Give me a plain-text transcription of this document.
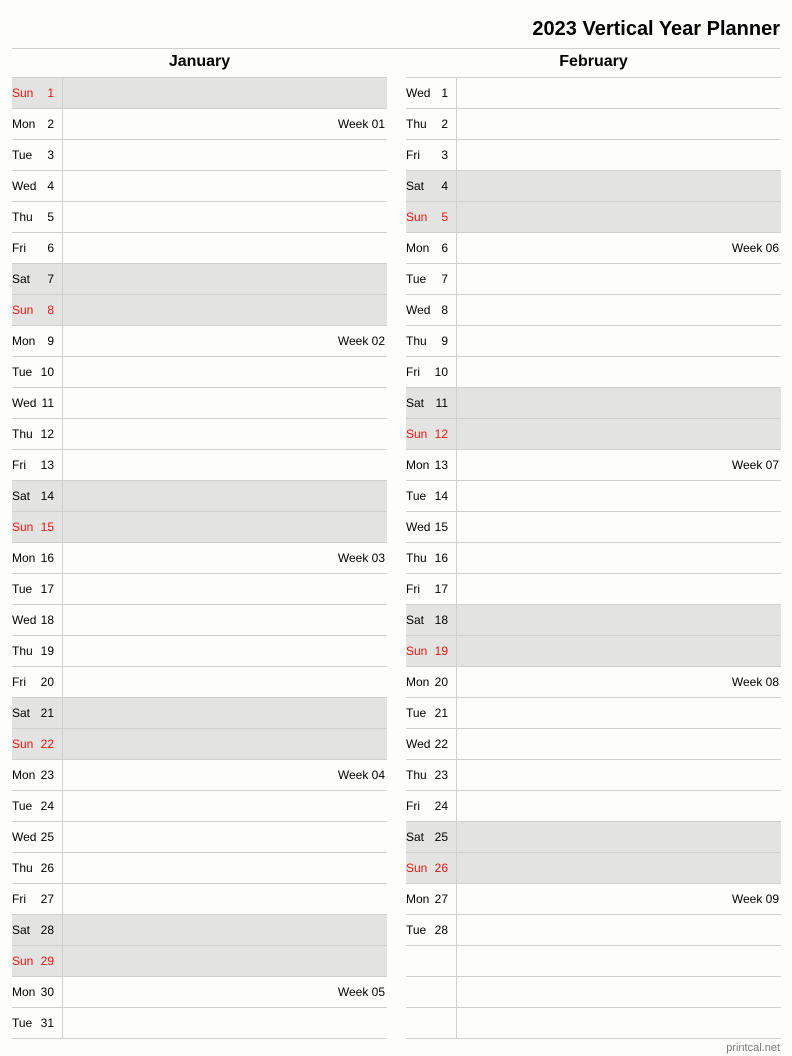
2023 Vertical Year Planner
January
Sun 1
Mon 2	Week 01
Tue 3
Wed 4
Thu 5
Fri 6
Sat 7
Sun 8
Mon 9	Week 02
Tue 10
Wed 11
Thu 12
Fri 13
Sat 14
Sun 15
Mon 16	Week 03
Tue 17
Wed 18
Thu 19
Fri 20
Sat 21
Sun 22
Mon 23	Week 04
Tue 24
Wed 25
Thu 26
Fri 27
Sat 28
Sun 29
Mon 30	Week 05
Tue 31
February
Wed 1
Thu 2
Fri 3
Sat 4
Sun 5
Mon 6	Week 06
Tue 7
Wed 8
Thu 9
Fri 10
Sat 11
Sun 12
Mon 13	Week 07
Tue 14
Wed 15
Thu 16
Fri 17
Sat 18
Sun 19
Mon 20	Week 08
Tue 21
Wed 22
Thu 23
Fri 24
Sat 25
Sun 26
Mon 27	Week 09
Tue 28
printcal.net
